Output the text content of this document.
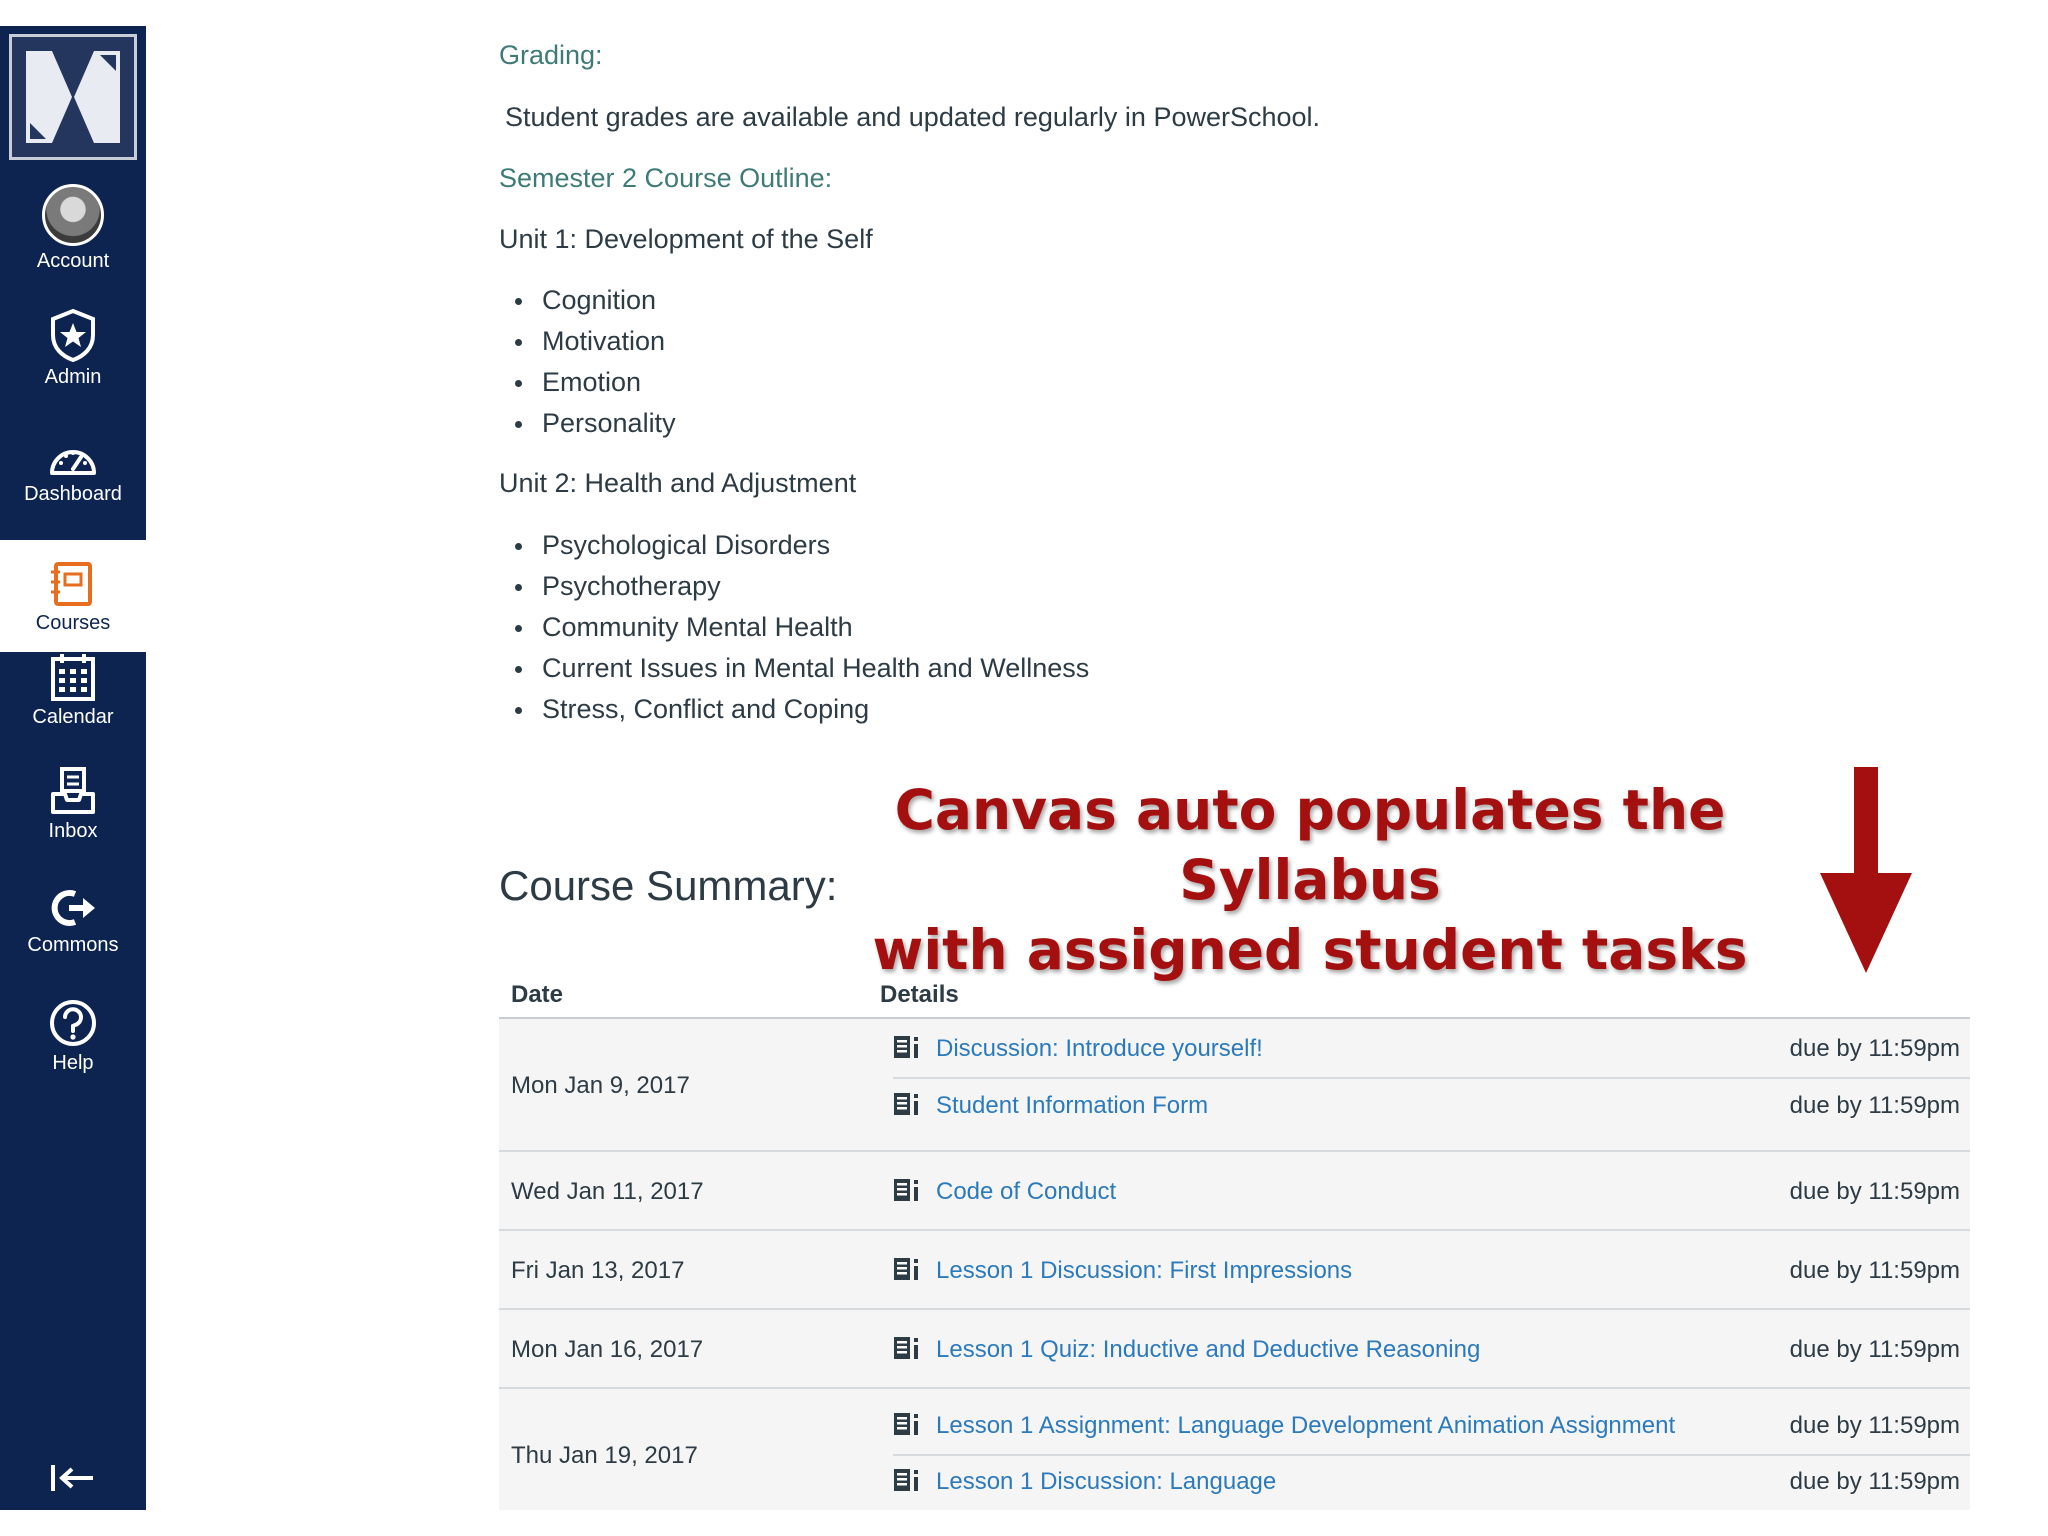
Account
Admin
Dashboard
Courses
Calendar
Inbox
Commons
Help
Grading:
Student grades are available and updated regularly in PowerSchool.
Semester 2 Course Outline:
Unit 1: Development of the Self
Cognition
Motivation
Emotion
Personality
Unit 2: Health and Adjustment
Psychological Disorders
Psychotherapy
Community Mental Health
Current Issues in Mental Health and Wellness
Stress, Conflict and Coping
Canvas auto populates the Syllabus
with assigned student tasks
Course Summary:
Date	Details
Mon Jan 9, 2017
Discussion: Introduce yourself!	due by 11:59pm
Student Information Form	due by 11:59pm
Wed Jan 11, 2017	Code of Conduct	due by 11:59pm
Fri Jan 13, 2017	Lesson 1 Discussion: First Impressions	due by 11:59pm
Mon Jan 16, 2017	Lesson 1 Quiz: Inductive and Deductive Reasoning	due by 11:59pm
Thu Jan 19, 2017
Lesson 1 Assignment: Language Development Animation Assignment	due by 11:59pm
Lesson 1 Discussion: Language	due by 11:59pm
